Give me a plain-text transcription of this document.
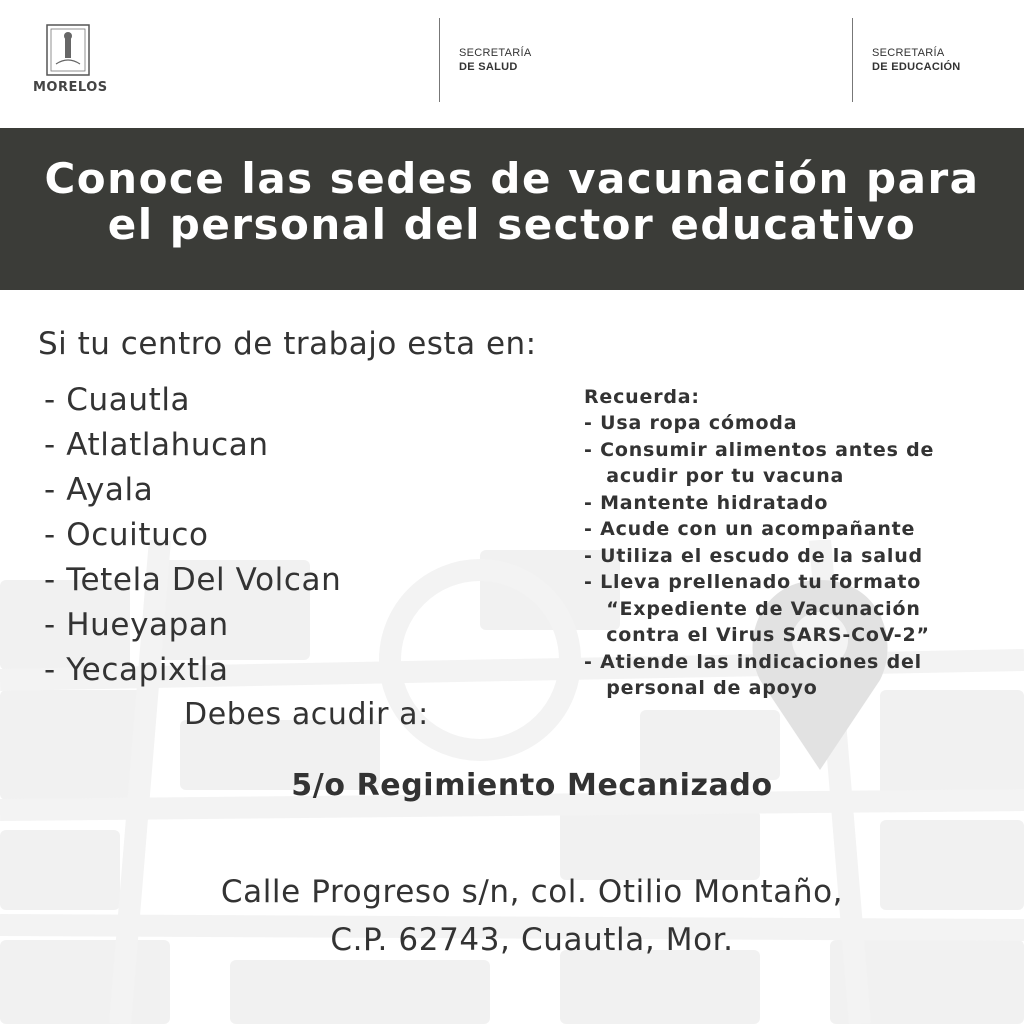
MORELOS
SECRETARÍA
DE SALUD
SECRETARÍA
DE EDUCACIÓN
Conoce las sedes de vacunación para
el personal del sector educativo
Si tu centro de trabajo esta en:
- Cuautla
- Atlatlahucan
- Ayala
- Ocuituco
- Tetela Del Volcan
- Hueyapan
- Yecapixtla
Recuerda:
- Usa ropa cómoda
- Consumir alimentos antes de
acudir por tu vacuna
- Mantente hidratado
- Acude con un acompañante
- Utiliza el escudo de la salud
- Lleva prellenado tu formato
“Expediente de Vacunación
contra el Virus SARS-CoV-2”
- Atiende las indicaciones del
personal de apoyo
Debes acudir a:
5/o Regimiento Mecanizado
Calle Progreso s/n, col. Otilio Montaño,
C.P. 62743, Cuautla, Mor.
